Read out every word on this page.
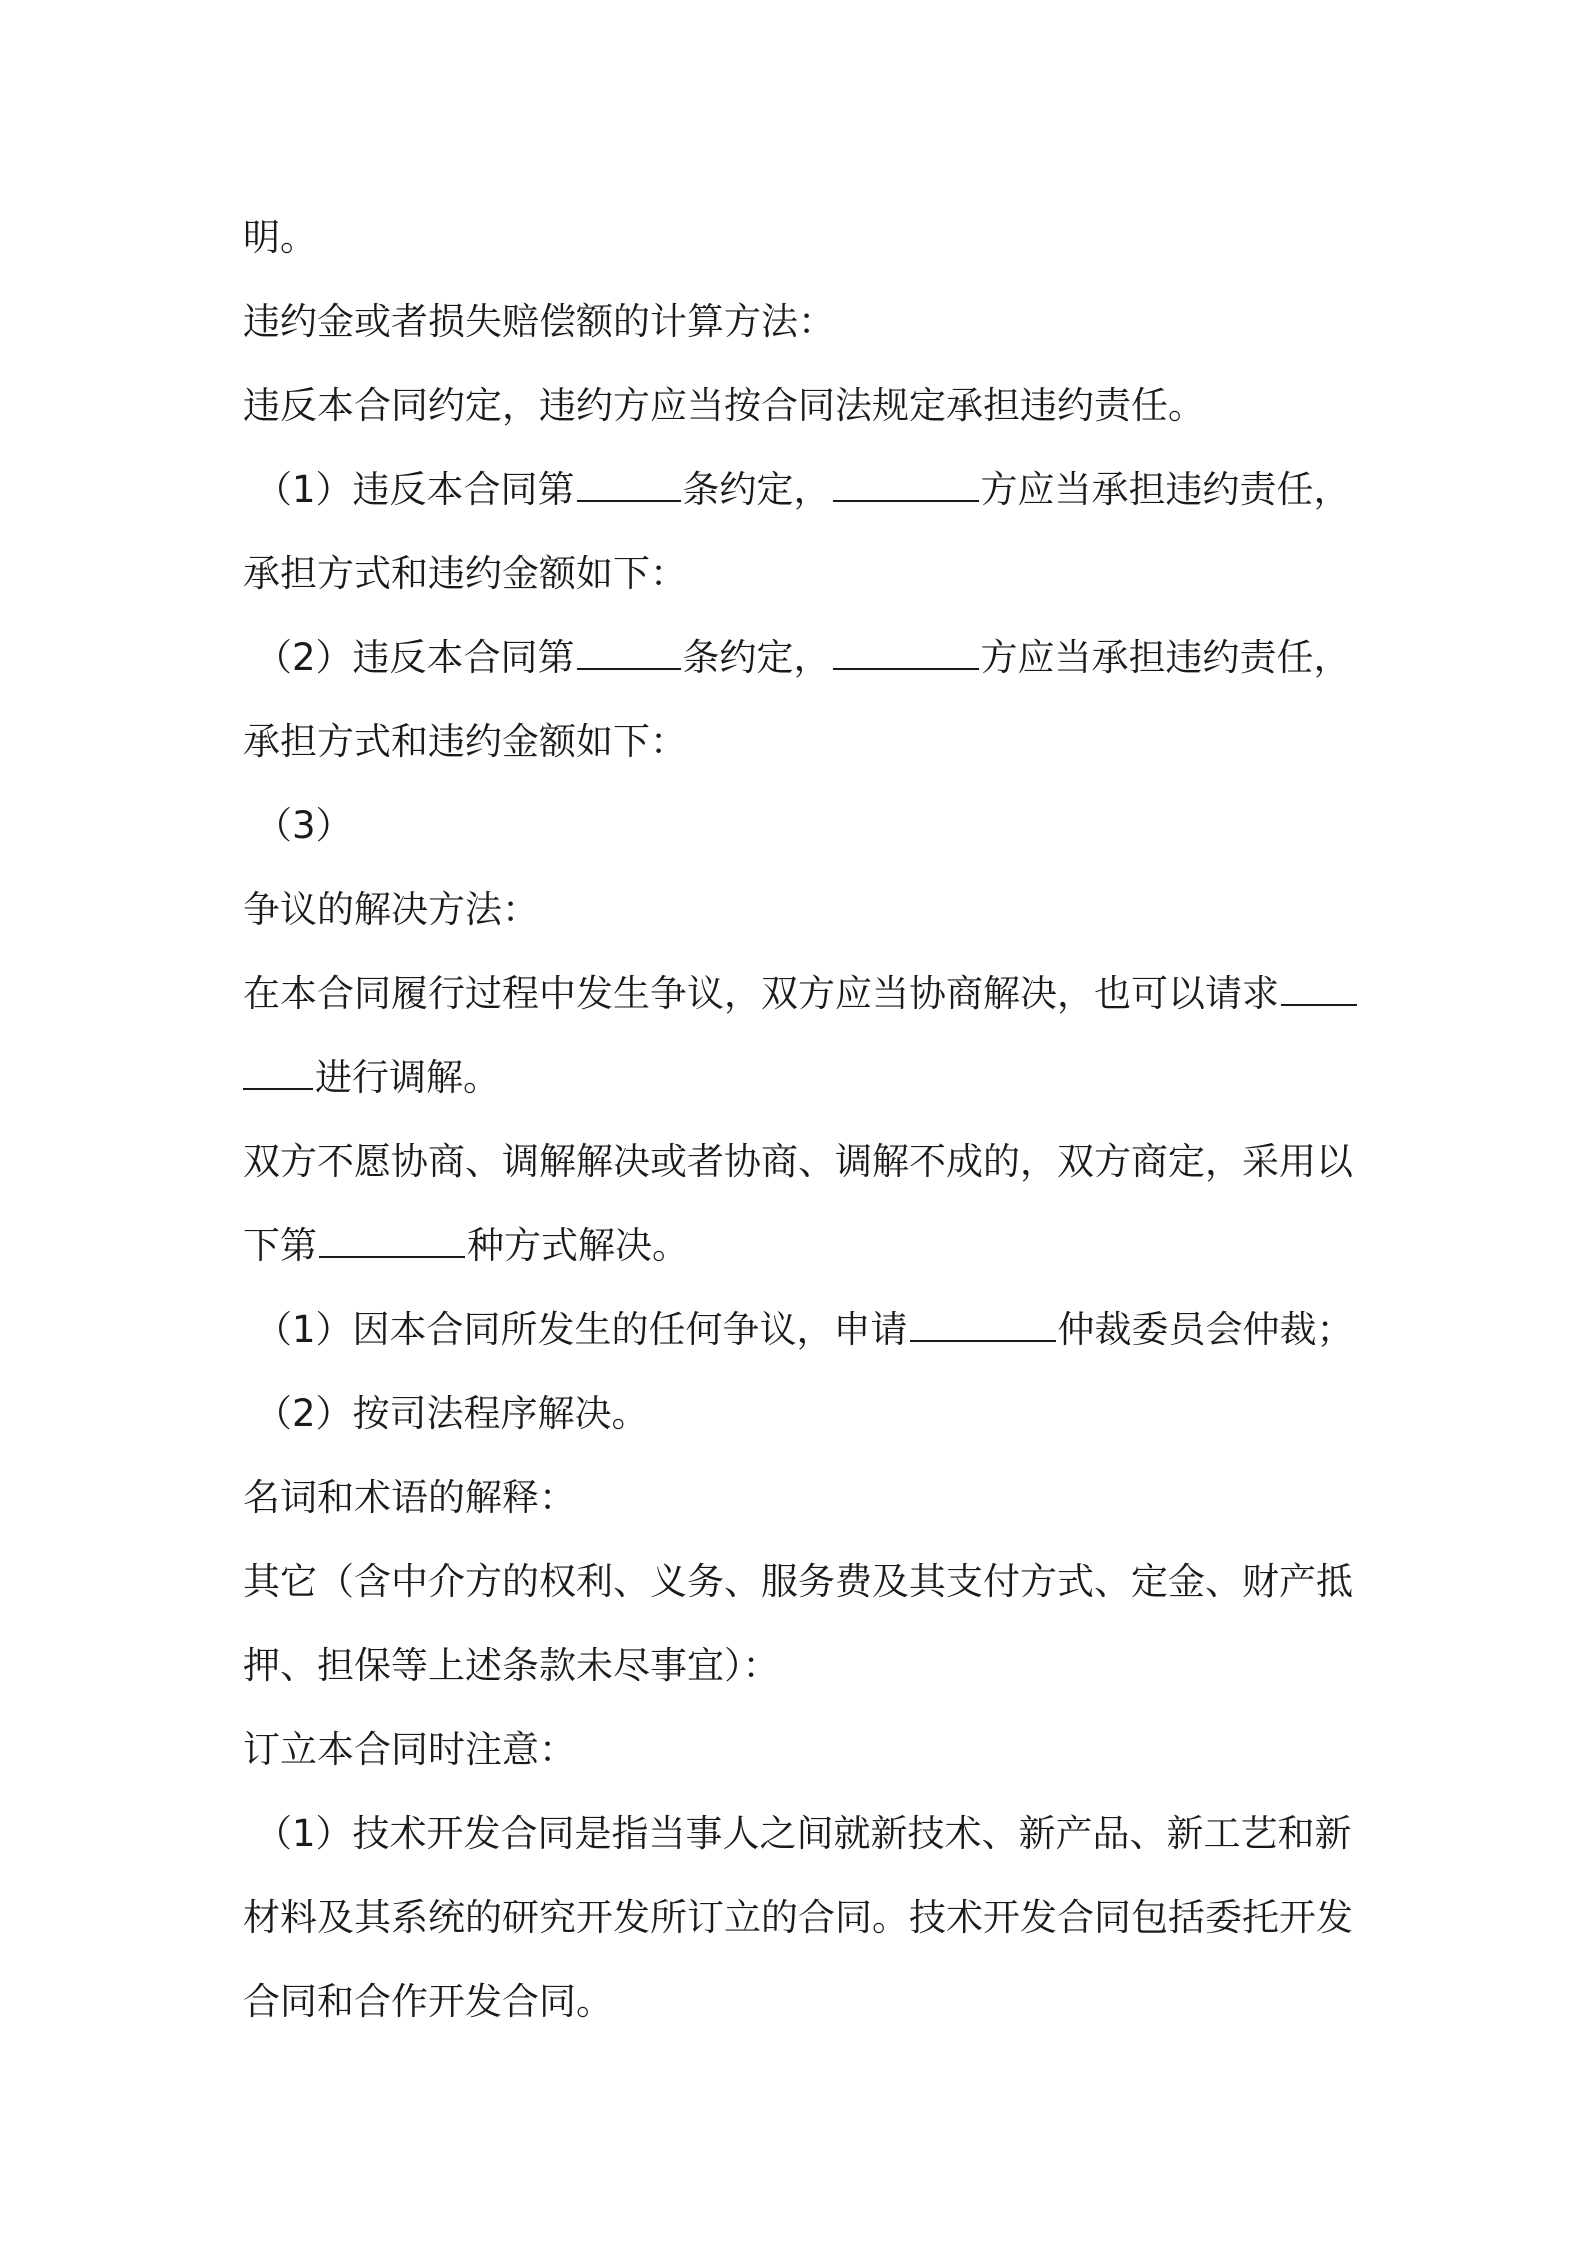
明。
违约金或者损失赔偿额的计算方法：
违反本合同约定，违约方应当按合同法规定承担违约责任。
（1）违反本合同第	条约定，	方应当承担违约责任，
承担方式和违约金额如下：
（2）违反本合同第	条约定，	方应当承担违约责任，
承担方式和违约金额如下：
（3）
争议的解决方法：
在本合同履行过程中发生争议，双方应当协商解决，也可以请求
进行调解。
双方不愿协商、调解解决或者协商、调解不成的，双方商定，采用以
下第	种方式解决。
（1）因本合同所发生的任何争议，申请	仲裁委员会仲裁；
（2）按司法程序解决。
名词和术语的解释：
其它（含中介方的权利、义务、服务费及其支付方式、定金、财产抵
押、担保等上述条款未尽事宜）：
订立本合同时注意：
（1）技术开发合同是指当事人之间就新技术、新产品、新工艺和新
材料及其系统的研究开发所订立的合同。技术开发合同包括委托开发
合同和合作开发合同。
